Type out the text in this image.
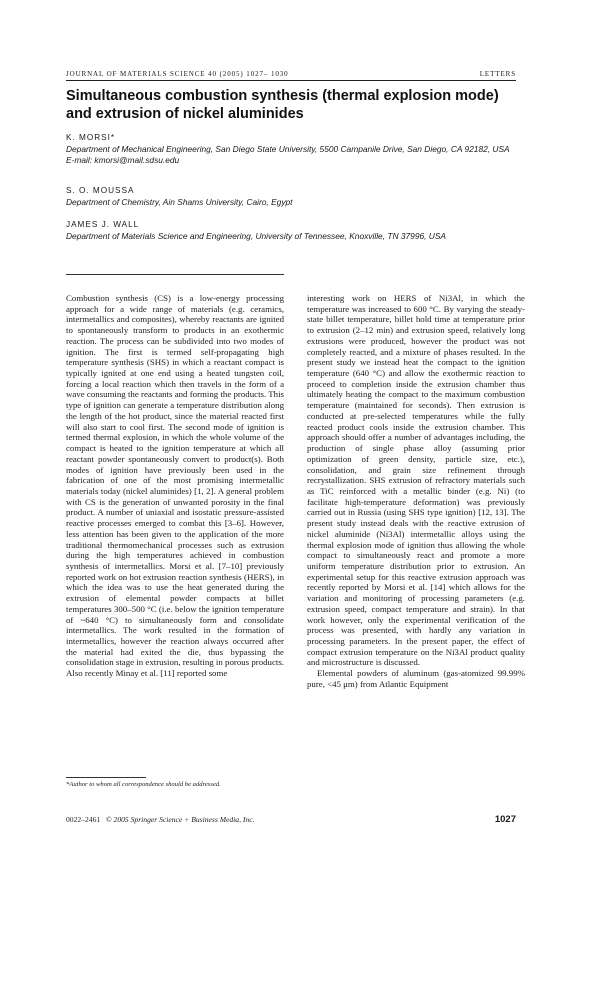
JOURNAL OF MATERIALS SCIENCE 40 (2005) 1027– 1030	LETTERS
Simultaneous combustion synthesis (thermal explosion mode) and extrusion of nickel aluminides

K. MORSI*

Department of Mechanical Engineering, San Diego State University, 5500 Campanile Drive, San Diego, CA 92182, USA

E-mail: kmorsi@mail.sdsu.edu

S. O. MOUSSA

Department of Chemistry, Ain Shams University, Cairo, Egypt

JAMES J. WALL

Department of Materials Science and Engineering, University of Tennessee, Knoxville, TN 37996, USA

Combustion synthesis (CS) is a low-energy processing approach for a wide range of materials (e.g. ceramics, intermetallics and composites), whereby reactants are ignited to spontaneously transform to products in an exothermic reaction. The process can be subdivided into two modes of ignition. The first is termed self-propagating high temperature synthesis (SHS) in which a reactant compact is typically ignited at one end using a heated tungsten coil, forcing a local reaction which then travels in the form of a wave consuming the reactants and forming the products. This type of ignition can generate a temperature distribution along the length of the hot product, since the material reacted first will also start to cool first. The second mode of ignition is termed thermal explosion, in which the whole volume of the compact is heated to the ignition temperature at which all reactant powder spontaneously convert to product(s). Both modes of ignition have previously been used in the fabrication of one of the most promising intermetallic materials today (nickel aluminides) [1, 2]. A general problem with CS is the generation of unwanted porosity in the final product. A number of uniaxial and isostatic pressure-assisted reactive processes emerged to combat this [3–6]. However, less attention has been given to the application of the more traditional thermomechanical processes such as extrusion during the high temperatures achieved in combustion synthesis of intermetallics. Morsi et al. [7–10] previously reported work on hot extrusion reaction synthesis (HERS), in which the idea was to use the heat generated during the extrusion of elemental powder compacts at billet temperatures 300–500 °C (i.e. below the ignition temperature of ~640 °C) to simultaneously form and consolidate intermetallics. The work resulted in the formation of intermetallics, however the reaction always occurred after the material had exited the die, thus bypassing the consolidation stage in extrusion, resulting in porous products. Also recently Minay et al. [11] reported some

interesting work on HERS of Ni3Al, in which the temperature was increased to 600 °C. By varying the steady-state billet temperature, billet hold time at temperature prior to extrusion (2–12 min) and extrusion speed, relatively long extrusions were produced, however the product was not completely reacted, and a mixture of phases resulted. In the present study we instead heat the compact to the ignition temperature (640 °C) and allow the exothermic reaction to proceed to completion inside the extrusion chamber thus ultimately heating the compact to the maximum combustion temperature (maintained for seconds). Then extrusion is conducted at pre-selected temperatures while the fully reacted product cools inside the extrusion chamber. This approach should offer a number of advantages including, the production of single phase alloy (assuming prior optimization of green density, particle size, etc.), consolidation, and grain size refinement through recrystallization. SHS extrusion of refractory materials such as TiC reinforced with a metallic binder (e.g. Ni) (to facilitate high-temperature deformation) was previously carried out in Russia (using SHS type ignition) [12, 13]. The present study instead deals with the reactive extrusion of nickel aluminide (Ni3Al) intermetallic alloys using the thermal explosion mode of ignition thus allowing the whole compact to simultaneously react and promote a more uniform temperature distribution prior to extrusion. An experimental setup for this reactive extrusion approach was recently reported by Morsi et al. [14] which allows for the variation and monitoring of processing parameters (e.g. extrusion speed, compact temperature and strain). In that work however, only the experimental verification of the process was presented, with hardly any variation in processing parameters. In the present paper, the effect of compact extrusion temperature on the Ni3Al product quality and microstructure is discussed.

Elemental powders of aluminum (gas-atomized 99.99% pure, <45 μm) from Atlantic Equipment

*Author to whom all correspondence should be addressed.
0022–2461 © 2005 Springer Science + Business Media, Inc.	1027
